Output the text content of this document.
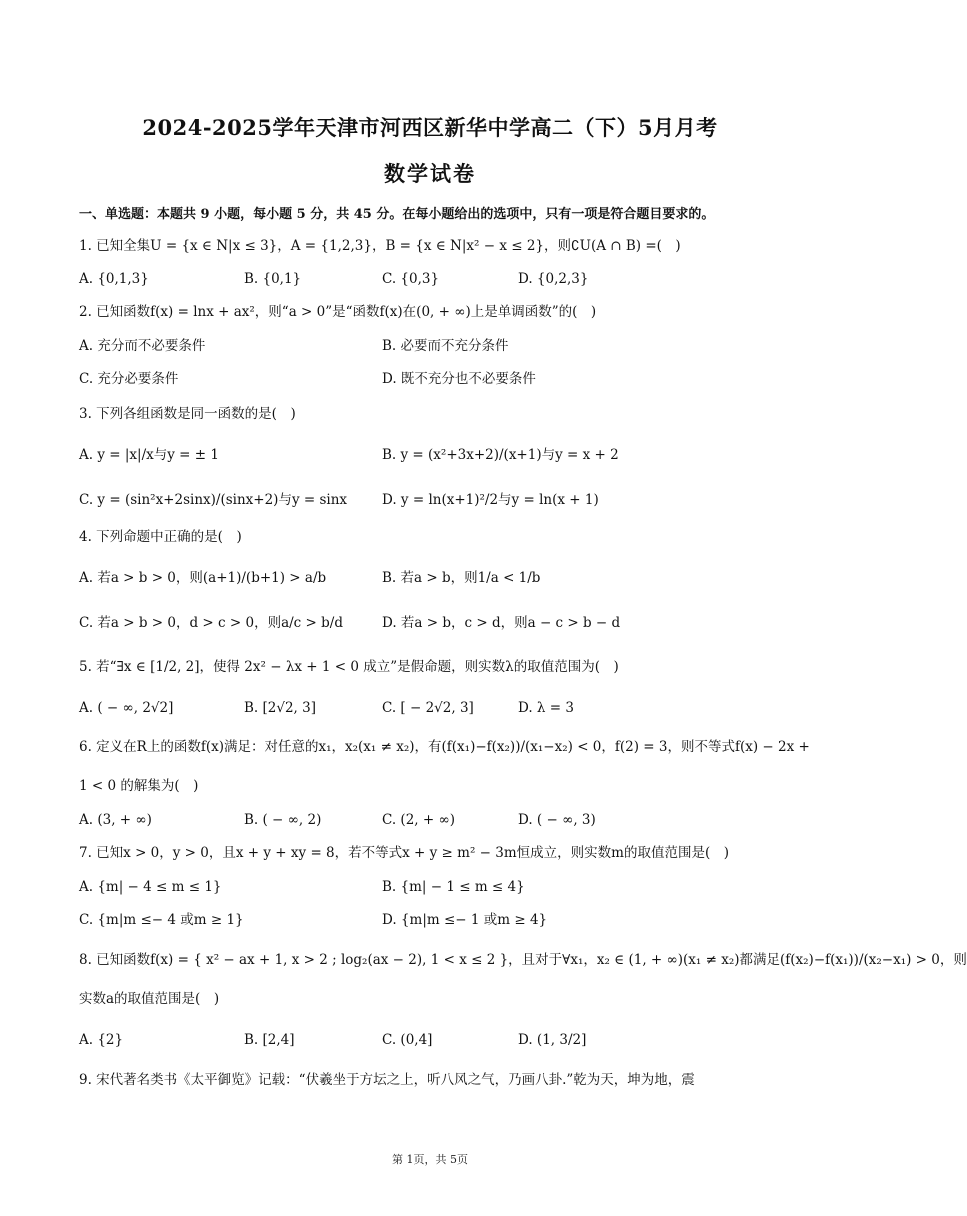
2024-2025学年天津市河西区新华中学高二（下）5月月考
数学试卷
一、单选题：本题共 9 小题，每小题 5 分，共 45 分。在每小题给出的选项中，只有一项是符合题目要求的。
1. 已知全集U = {x ∈ N|x ≤ 3}，A = {1,2,3}，B = {x ∈ N|x² − x ≤ 2}，则∁U(A ∩ B) =(　)
A. {0,1,3}	B. {0,1}	C. {0,3}	D. {0,2,3}
2. 已知函数f(x) = lnx + ax²，则“a > 0”是“函数f(x)在(0, + ∞)上是单调函数”的(　)
A. 充分而不必要条件	B. 必要而不充分条件
C. 充分必要条件	D. 既不充分也不必要条件
3. 下列各组函数是同一函数的是(　)
A. y = |x|/x与y = ± 1	B. y = (x²+3x+2)/(x+1)与y = x + 2
C. y = (sin²x+2sinx)/(sinx+2)与y = sinx	D. y = ln(x+1)²/2与y = ln(x + 1)
4. 下列命题中正确的是(　)
A. 若a > b > 0，则(a+1)/(b+1) > a/b	B. 若a > b，则1/a < 1/b
C. 若a > b > 0，d > c > 0，则a/c > b/d	D. 若a > b，c > d，则a − c > b − d
5. 若“∃x ∈ [1/2, 2]，使得 2x² − λx + 1 < 0 成立”是假命题，则实数λ的取值范围为(　)
A. ( − ∞, 2√2]	B. [2√2, 3]	C. [ − 2√2, 3]	D. λ = 3
6. 定义在R上的函数f(x)满足：对任意的x₁，x₂(x₁ ≠ x₂)，有(f(x₁)−f(x₂))/(x₁−x₂) < 0，f(2) = 3，则不等式f(x) − 2x +
1 < 0 的解集为(　)
A. (3, + ∞)	B. ( − ∞, 2)	C. (2, + ∞)	D. ( − ∞, 3)
7. 已知x > 0，y > 0，且x + y + xy = 8，若不等式x + y ≥ m² − 3m恒成立，则实数m的取值范围是(　)
A. {m| − 4 ≤ m ≤ 1}	B. {m| − 1 ≤ m ≤ 4}
C. {m|m ≤− 4 或m ≥ 1}	D. {m|m ≤− 1 或m ≥ 4}
8. 已知函数f(x) = { x² − ax + 1, x > 2 ; log₂(ax − 2), 1 < x ≤ 2 }，且对于∀x₁，x₂ ∈ (1, + ∞)(x₁ ≠ x₂)都满足(f(x₂)−f(x₁))/(x₂−x₁) > 0，则
实数a的取值范围是(　)
A. {2}	B. [2,4]	C. (0,4]	D. (1, 3/2]
9. 宋代著名类书《太平御览》记载：“伏羲坐于方坛之上，听八风之气，乃画八卦.”乾为天，坤为地，震
第 1页，共 5页
